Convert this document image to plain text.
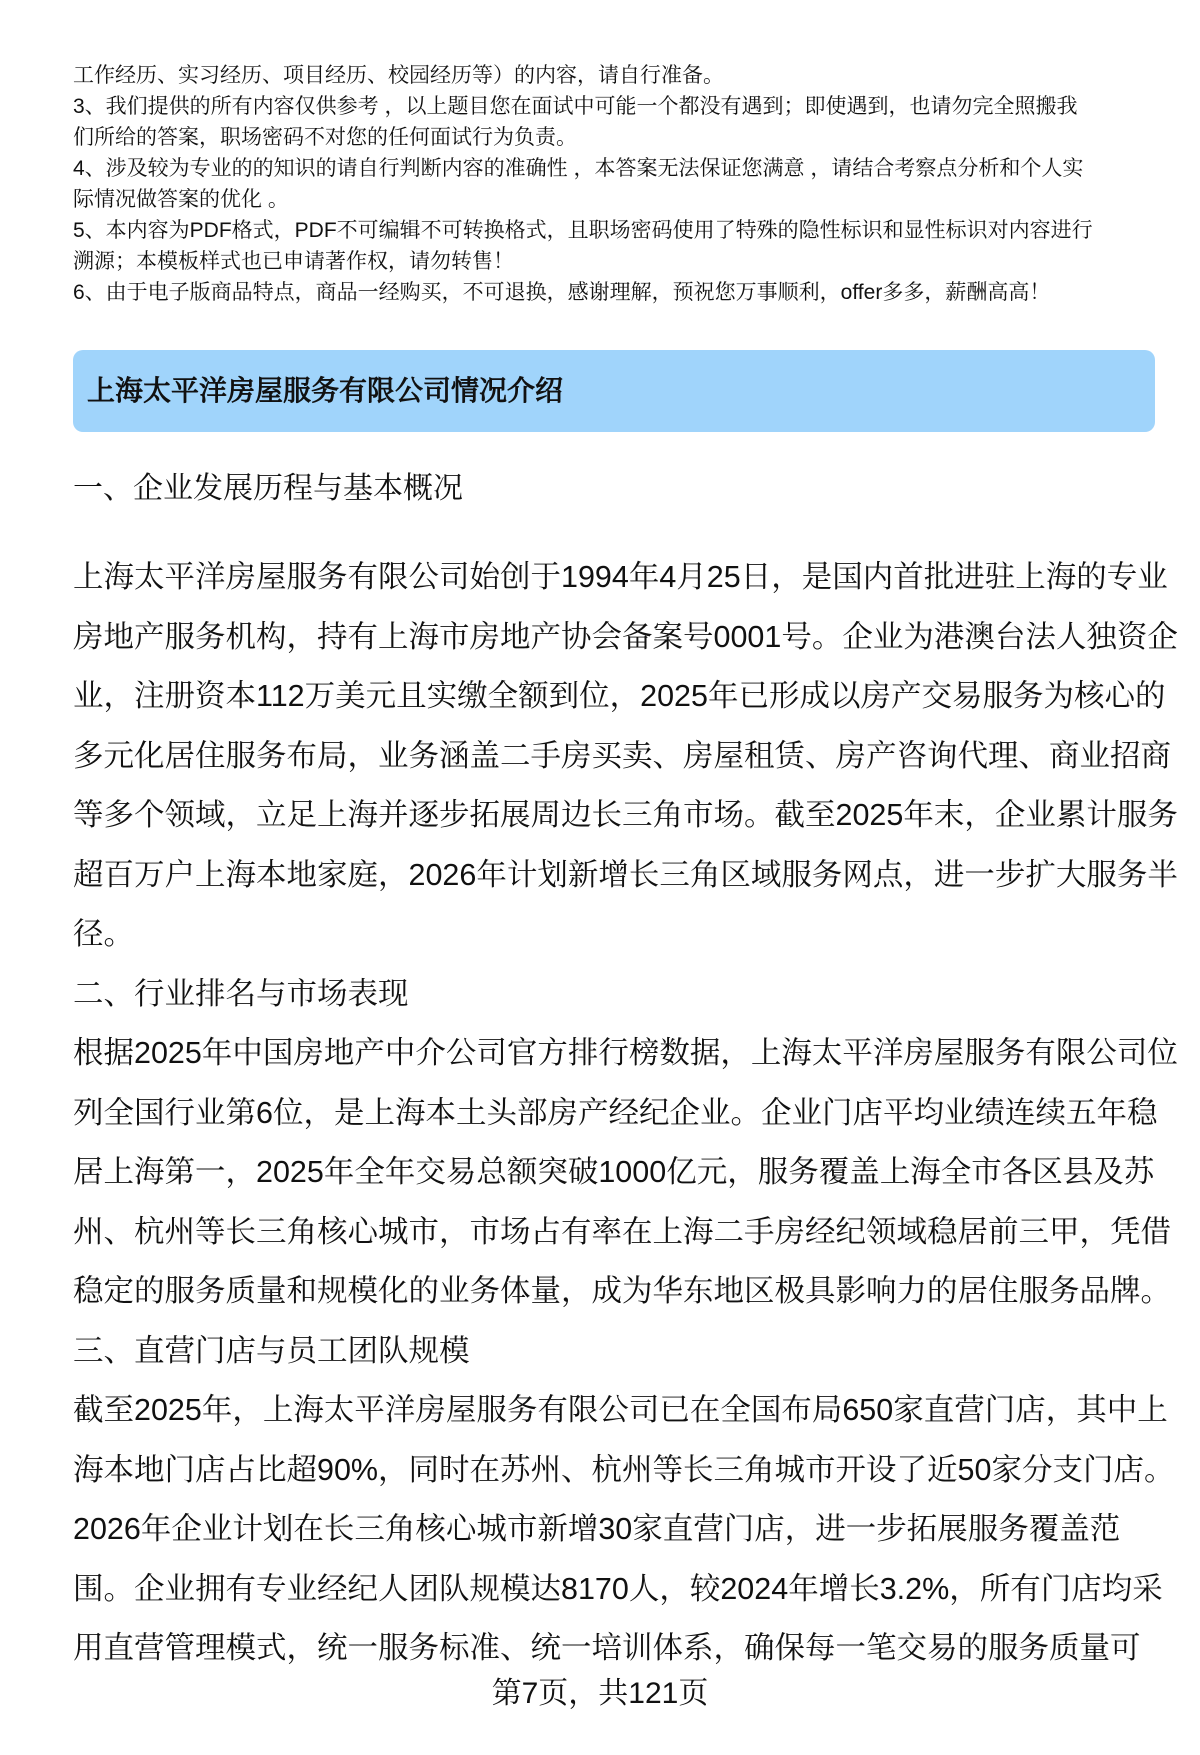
工作经历、实习经历、项目经历、校园经历等）的内容，请自行准备。
3、我们提供的所有内容仅供参考 ，以上题目您在面试中可能一个都没有遇到；即使遇到，也请勿完全照搬我
们所给的答案，职场密码不对您的任何面试行为负责。
4、涉及较为专业的的知识的请自行判断内容的准确性 ，本答案无法保证您满意 ，请结合考察点分析和个人实
际情况做答案的优化 。
5、本内容为PDF格式，PDF不可编辑不可转换格式，且职场密码使用了特殊的隐性标识和显性标识对内容进行
溯源；本模板样式也已申请著作权，请勿转售！
6、由于电子版商品特点，商品一经购买，不可退换，感谢理解，预祝您万事顺利，offer多多，薪酬高高！
上海太平洋房屋服务有限公司情况介绍
一、企业发展历程与基本概况
上海太平洋房屋服务有限公司始创于1994年4月25日，是国内首批进驻上海的专业
房地产服务机构，持有上海市房地产协会备案号0001号。企业为港澳台法人独资企
业，注册资本112万美元且实缴全额到位，2025年已形成以房产交易服务为核心的
多元化居住服务布局，业务涵盖二手房买卖、房屋租赁、房产咨询代理、商业招商
等多个领域，立足上海并逐步拓展周边长三角市场。截至2025年末，企业累计服务
超百万户上海本地家庭，2026年计划新增长三角区域服务网点，进一步扩大服务半
径。
二、行业排名与市场表现
根据2025年中国房地产中介公司官方排行榜数据，上海太平洋房屋服务有限公司位
列全国行业第6位，是上海本土头部房产经纪企业。企业门店平均业绩连续五年稳
居上海第一，2025年全年交易总额突破1000亿元，服务覆盖上海全市各区县及苏
州、杭州等长三角核心城市，市场占有率在上海二手房经纪领域稳居前三甲，凭借
稳定的服务质量和规模化的业务体量，成为华东地区极具影响力的居住服务品牌。
三、直营门店与员工团队规模
截至2025年，上海太平洋房屋服务有限公司已在全国布局650家直营门店，其中上
海本地门店占比超90%，同时在苏州、杭州等长三角城市开设了近50家分支门店。
2026年企业计划在长三角核心城市新增30家直营门店，进一步拓展服务覆盖范
围。企业拥有专业经纪人团队规模达8170人，较2024年增长3.2%，所有门店均采
用直营管理模式，统一服务标准、统一培训体系，确保每一笔交易的服务质量可
第7页，共121页
